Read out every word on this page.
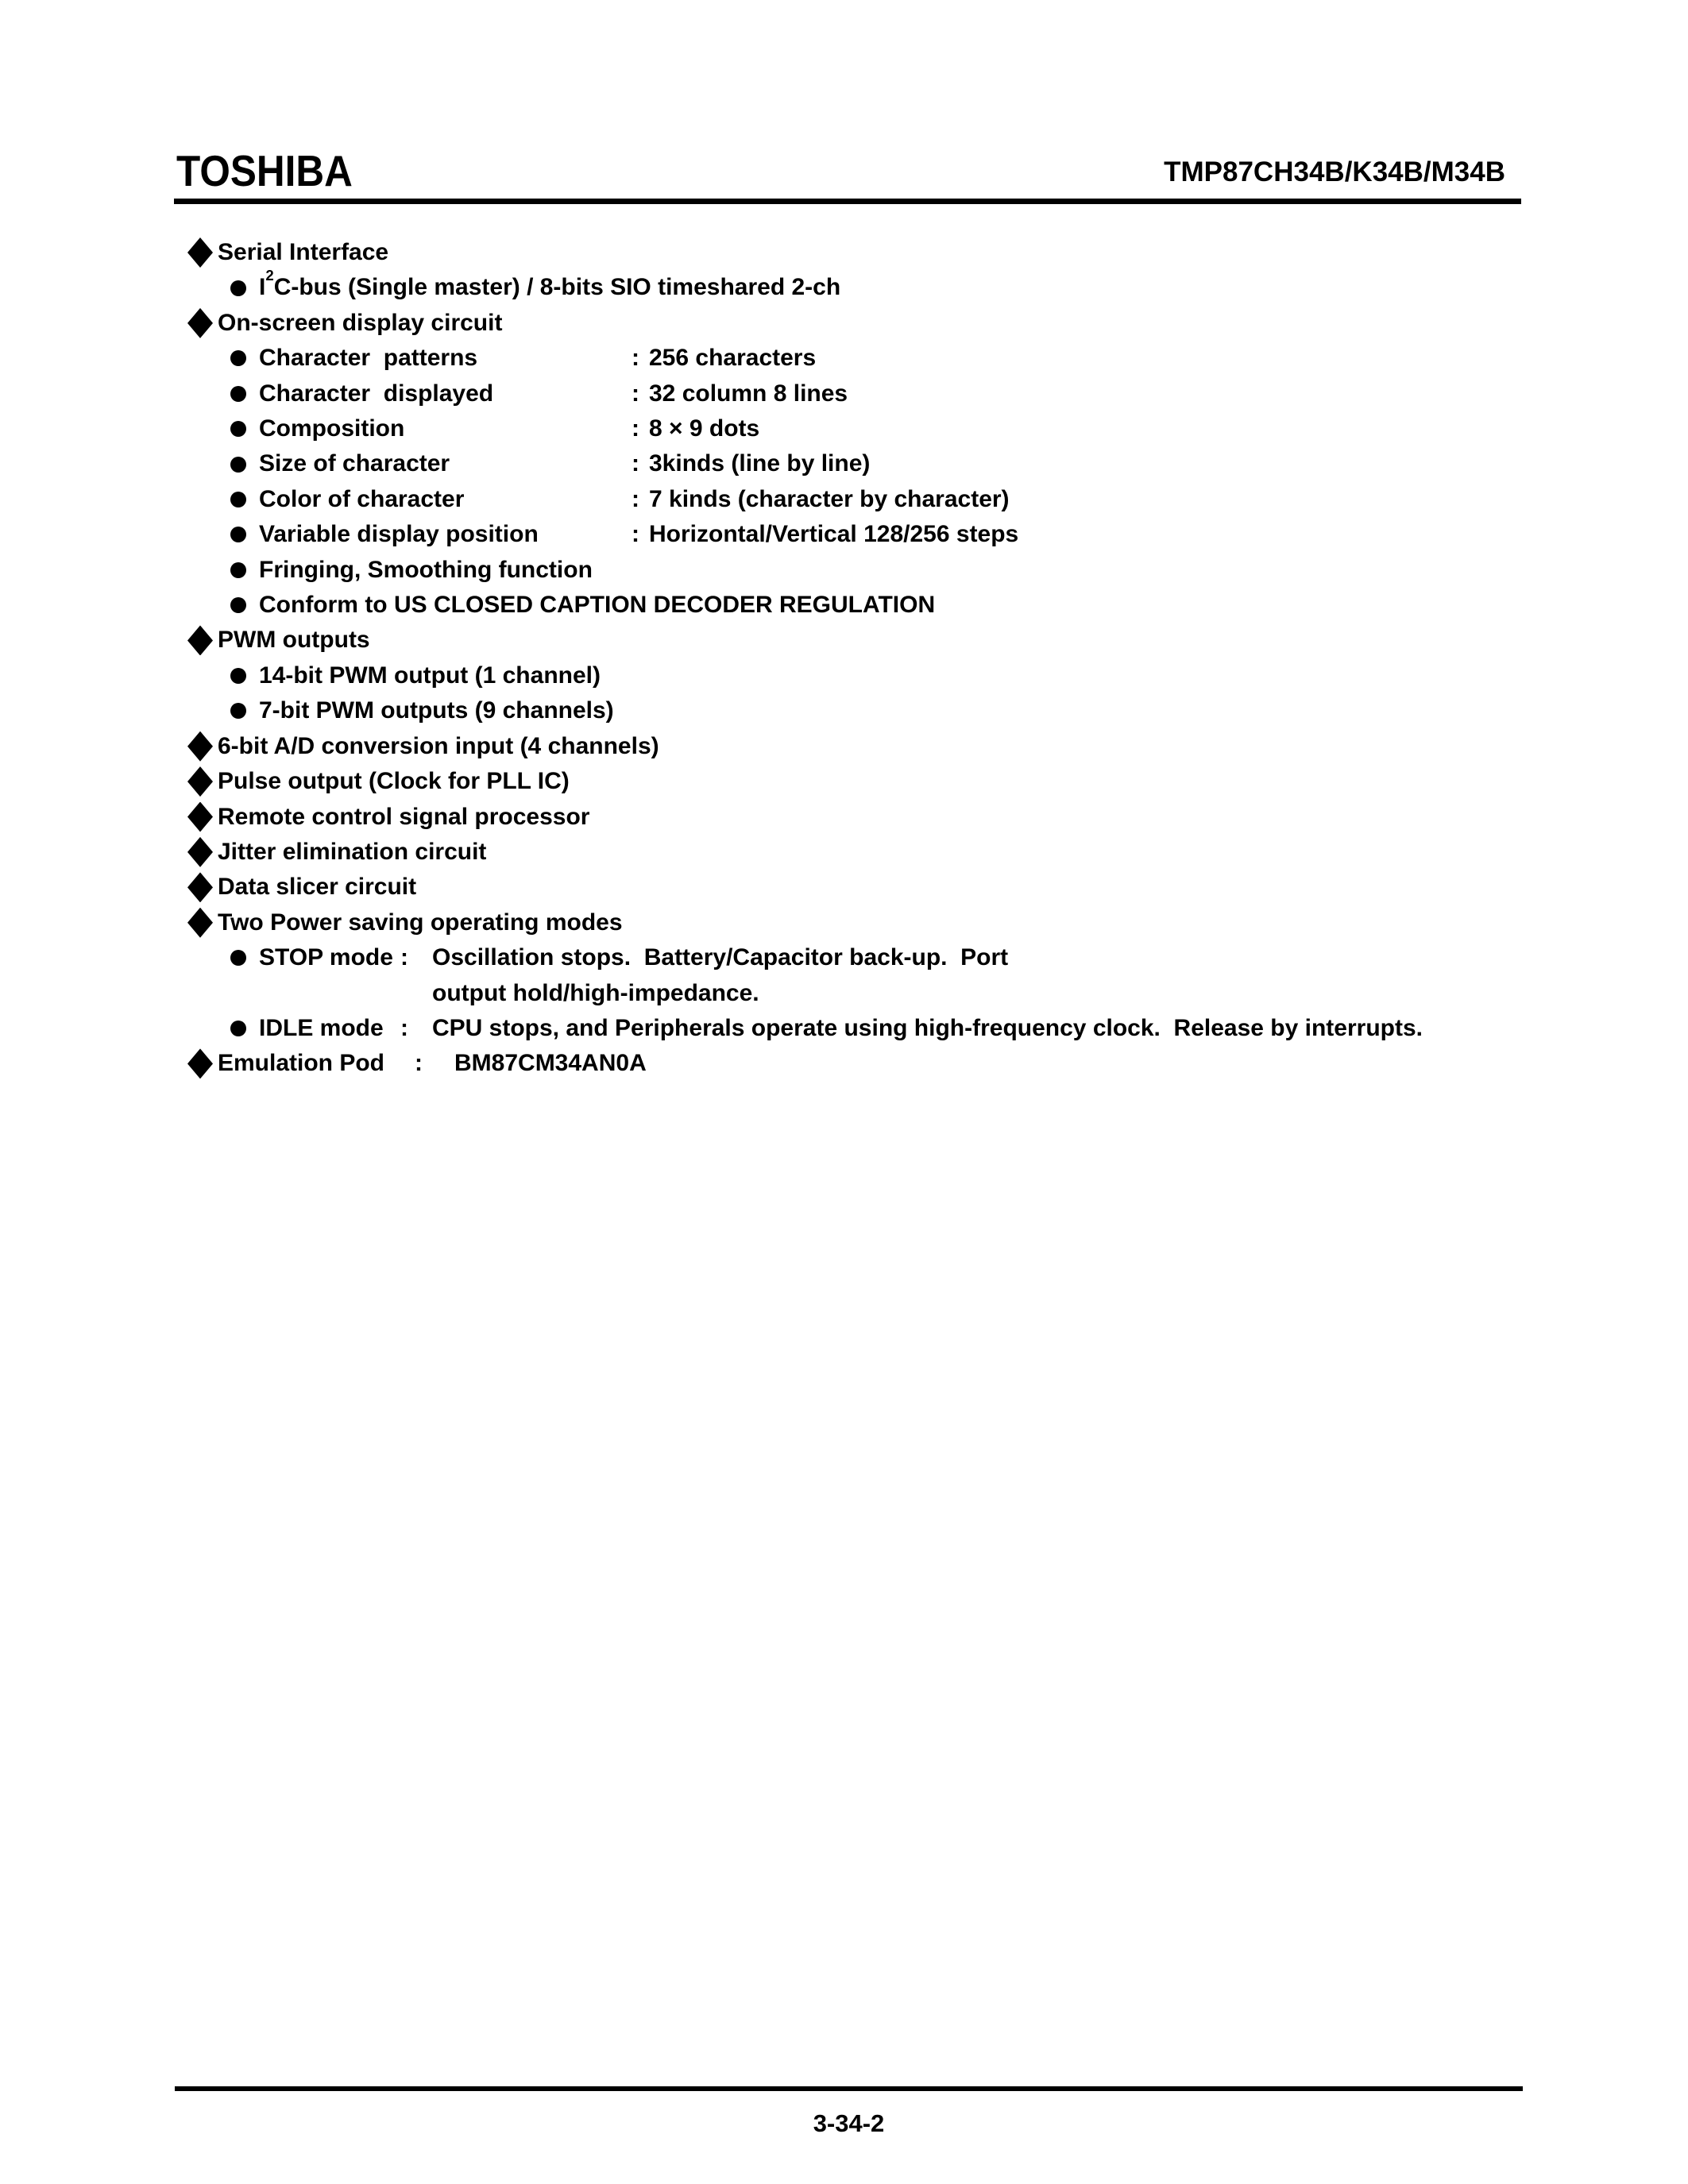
TOSHIBA	TMP87CH34B/K34B/M34B
Serial Interface
$I^2C$-bus (Single master) / 8-bits SIO timeshared 2-ch
On-screen display circuit
Character  patterns	: 256 characters
Character  displayed	: 32 column 8 lines
Composition	: 8 × 9 dots
Size of character	: 3kinds (line by line)
Color of character	: 7 kinds (character by character)
Variable display position	: Horizontal/Vertical 128/256 steps
Fringing, Smoothing function
Conform to US CLOSED CAPTION DECODER REGULATION
PWM outputs
14-bit PWM output (1 channel)
7-bit PWM outputs (9 channels)
6-bit A/D conversion input (4 channels)
Pulse output (Clock for PLL IC)
Remote control signal processor
Jitter elimination circuit
Data slicer circuit
Two Power saving operating modes
STOP mode : Oscillation stops.  Battery/Capacitor back-up.  Port
output hold/high-impedance.
IDLE mode : CPU stops, and Peripherals operate using high-frequency clock.  Release by interrupts.
Emulation Pod	: BM87CM34AN0A
3-34-2
